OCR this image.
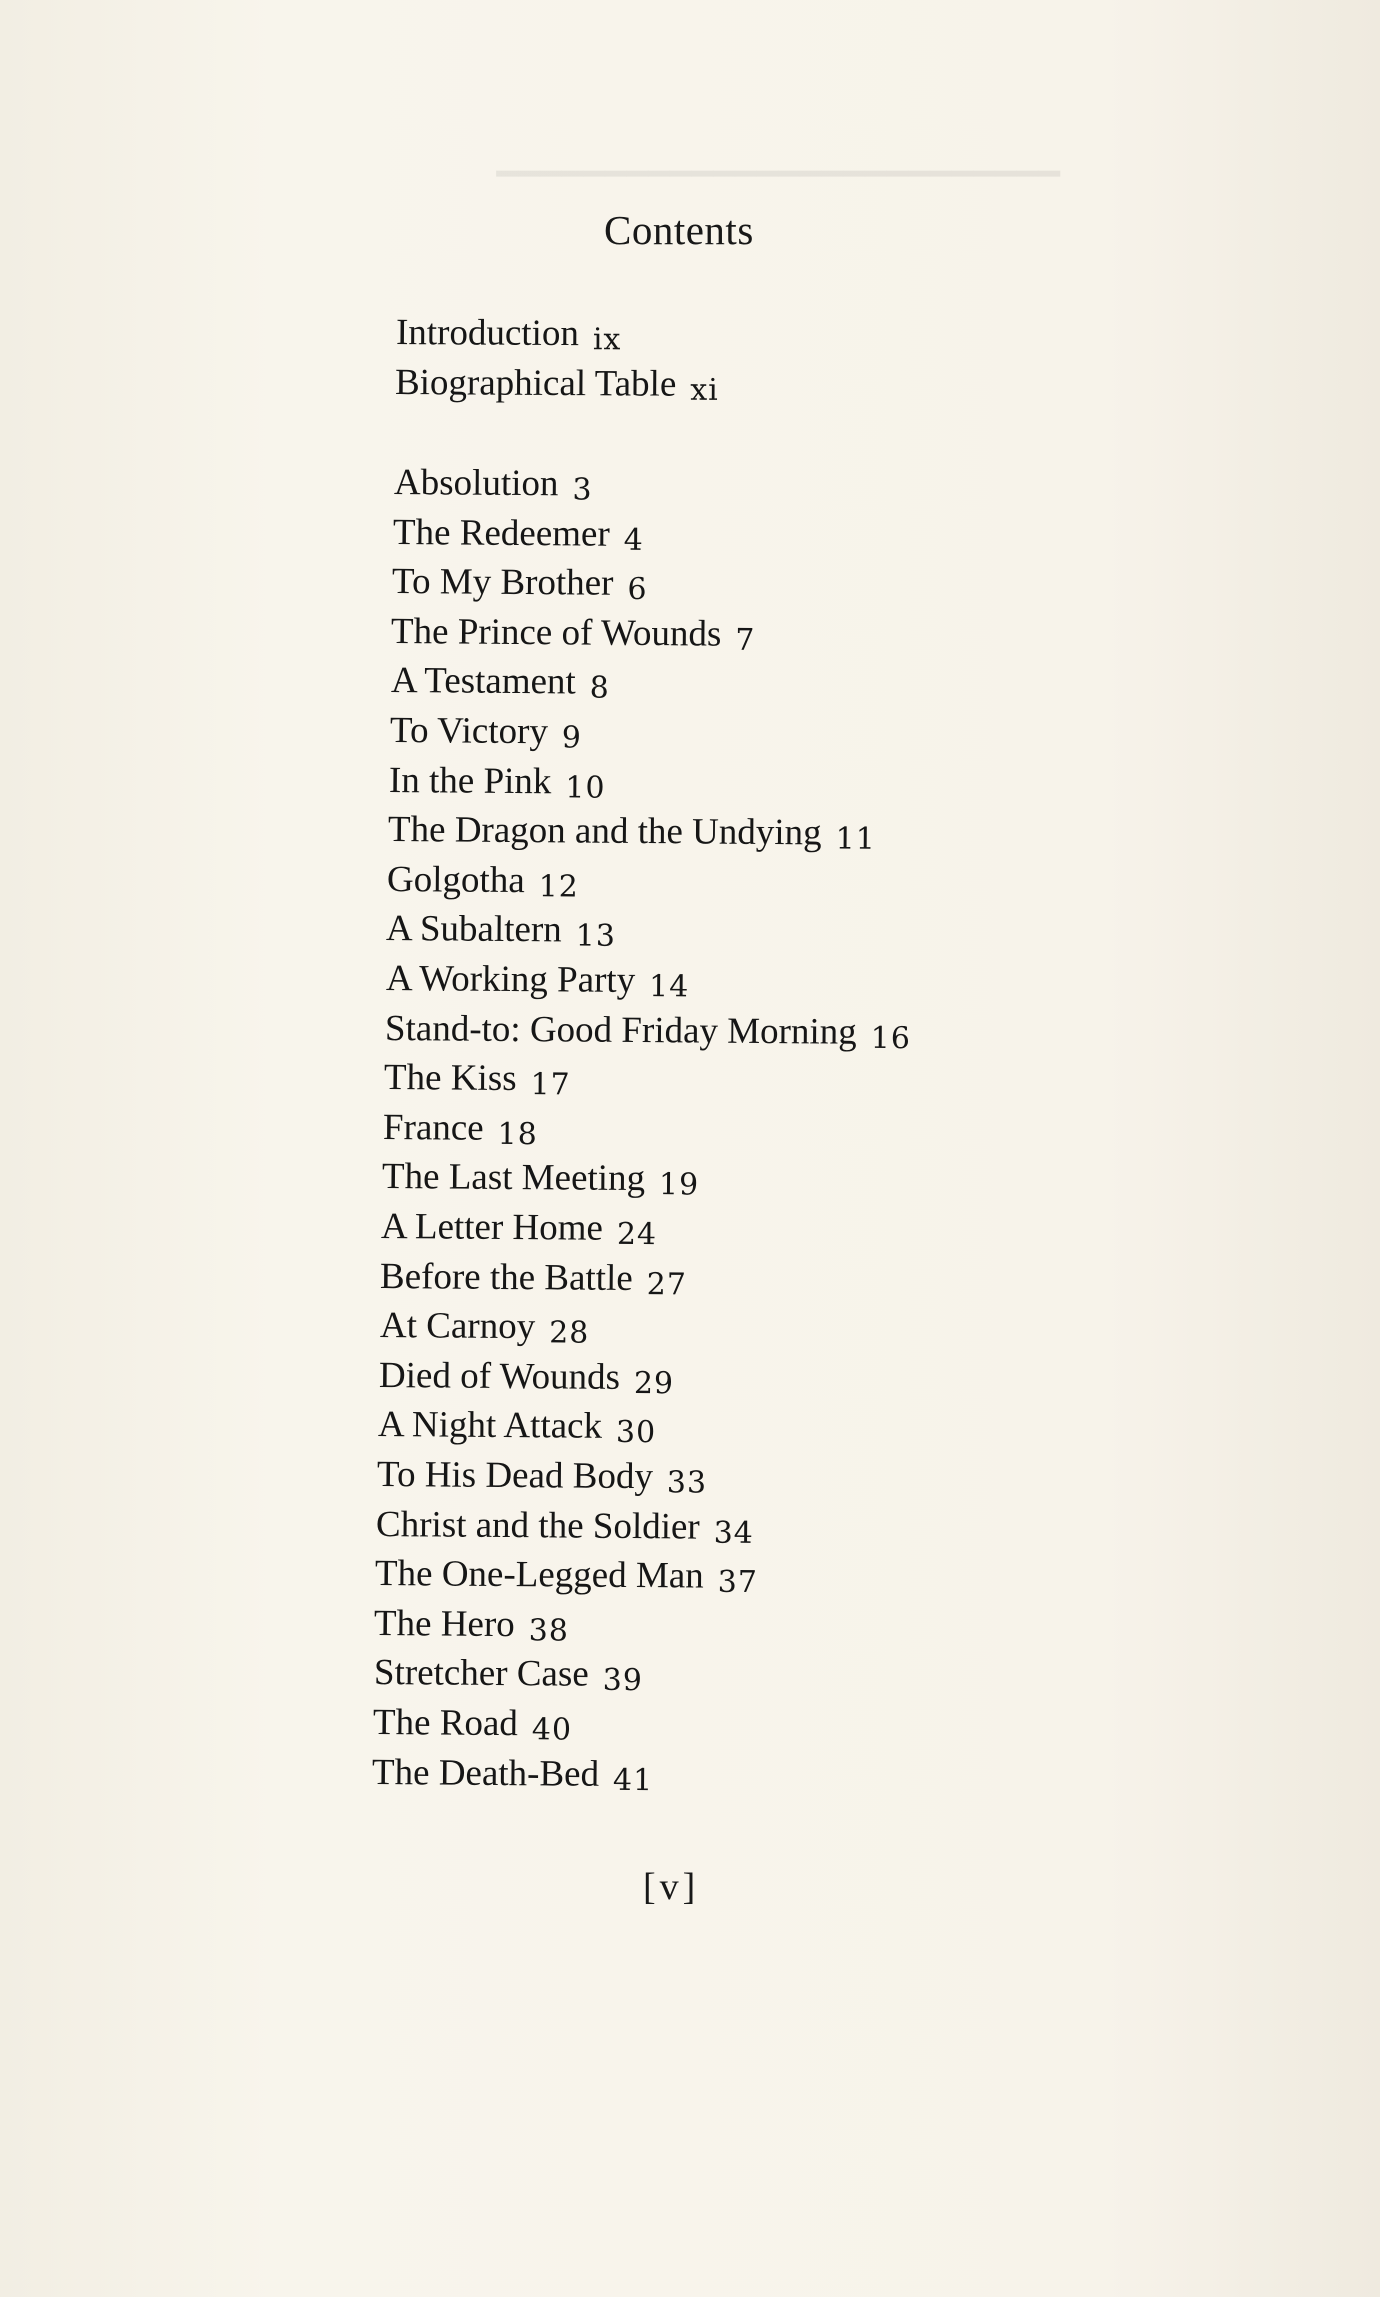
━━━━━━━━━━━━━━━━━━━━━━━━━━
Contents
Introduction ix
Biographical Table xi
Absolution 3
The Redeemer 4
To My Brother 6
The Prince of Wounds 7
A Testament 8
To Victory 9
In the Pink 10
The Dragon and the Undying 11
Golgotha 12
A Subaltern 13
A Working Party 14
Stand-to: Good Friday Morning 16
The Kiss 17
France 18
The Last Meeting 19
A Letter Home 24
Before the Battle 27
At Carnoy 28
Died of Wounds 29
A Night Attack 30
To His Dead Body 33
Christ and the Soldier 34
The One-Legged Man 37
The Hero 38
Stretcher Case 39
The Road 40
The Death-Bed 41
[v]
